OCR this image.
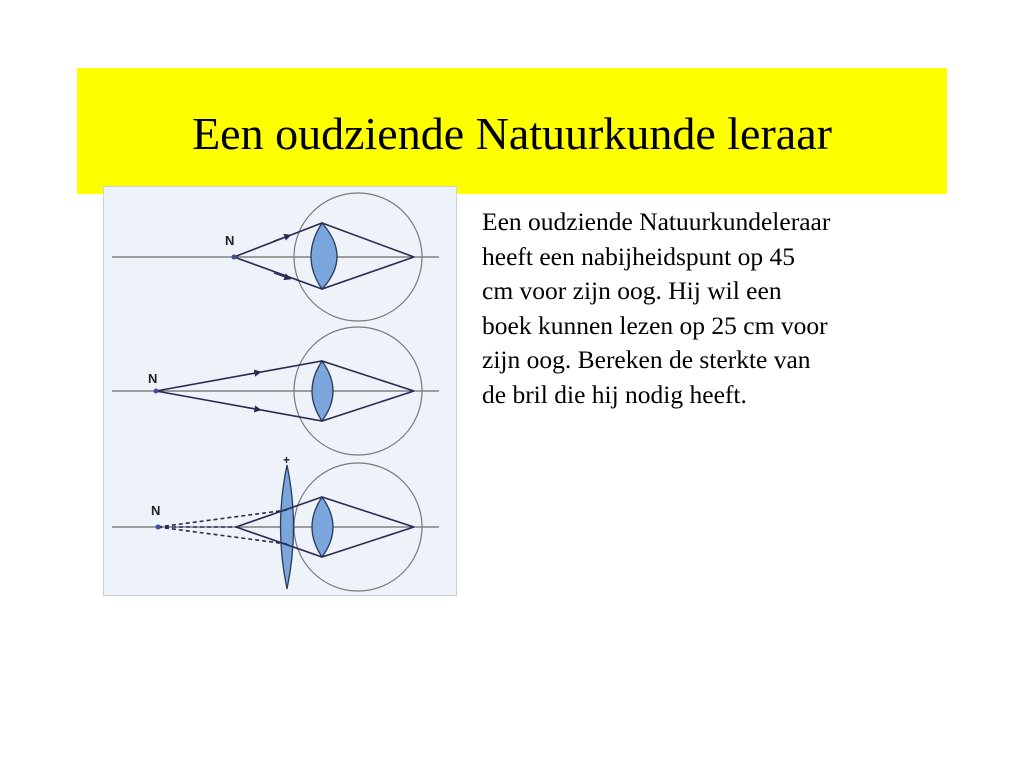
Een oudziende Natuurkunde leraar
N
N
+
N

Een oudziende Natuurkundeleraar

heeft een nabijheidspunt op 45

cm voor zijn oog. Hij wil een

boek kunnen lezen op 25 cm voor

zijn oog. Bereken de sterkte van

de bril die hij nodig heeft.
